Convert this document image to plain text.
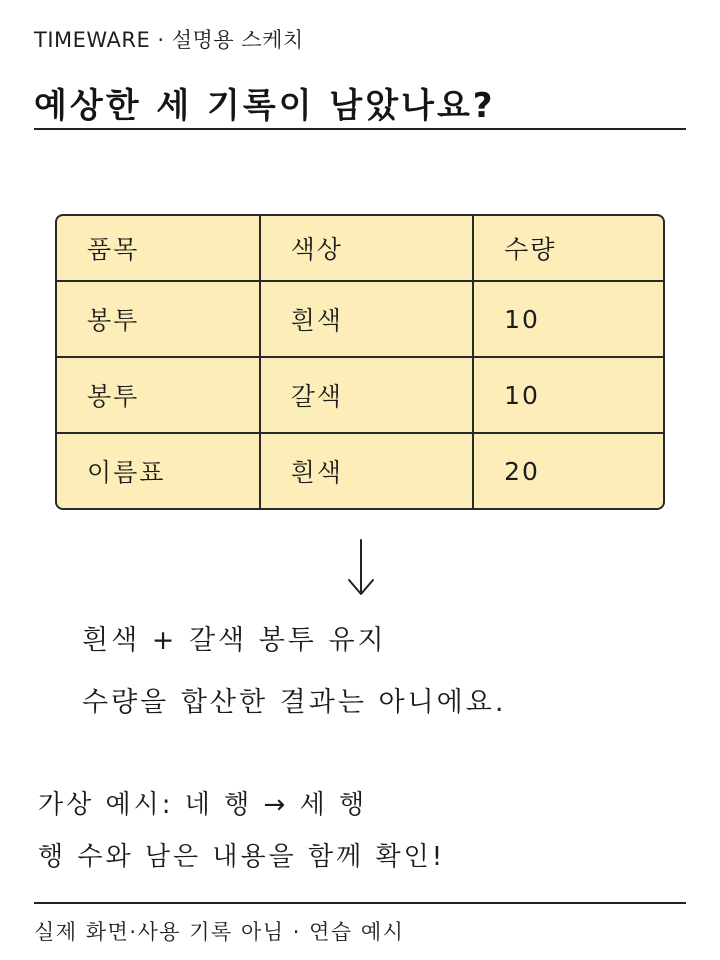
TIMEWARE · 설명용 스케치
예상한 세 기록이 남았나요?
품목	색상	수량
봉투	흰색	10
봉투	갈색	10
이름표	흰색	20
흰색 + 갈색 봉투 유지
수량을 합산한 결과는 아니에요.
가상 예시: 네 행 → 세 행
행 수와 남은 내용을 함께 확인!
실제 화면·사용 기록 아님 · 연습 예시
